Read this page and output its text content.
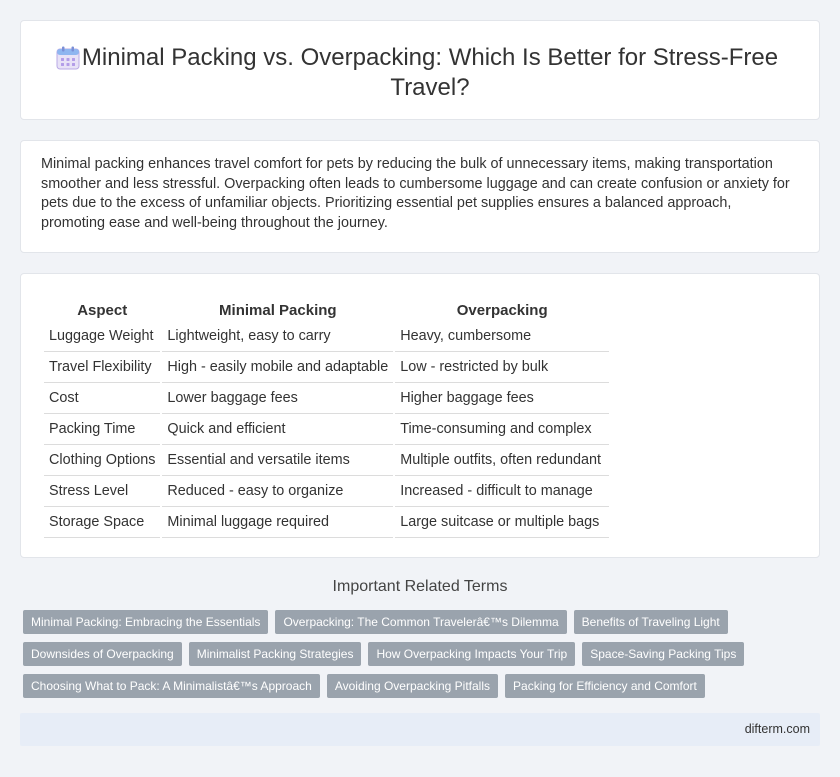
Minimal Packing vs. Overpacking: Which Is Better for Stress-Free Travel?

Minimal packing enhances travel comfort for pets by reducing the bulk of unnecessary items, making transportation smoother and less stressful. Overpacking often leads to cumbersome luggage and can create confusion or anxiety for pets due to the excess of unfamiliar objects. Prioritizing essential pet supplies ensures a balanced approach, promoting ease and well-being throughout the journey.

Aspect	Minimal Packing	Overpacking
Luggage Weight	Lightweight, easy to carry	Heavy, cumbersome
Travel Flexibility	High - easily mobile and adaptable	Low - restricted by bulk
Cost	Lower baggage fees	Higher baggage fees
Packing Time	Quick and efficient	Time-consuming and complex
Clothing Options	Essential and versatile items	Multiple outfits, often redundant
Stress Level	Reduced - easy to organize	Increased - difficult to manage
Storage Space	Minimal luggage required	Large suitcase or multiple bags
Important Related Terms
Minimal Packing: Embracing the Essentials	Overpacking: The Common Travelerâ€™s Dilemma	Benefits of Traveling Light
Downsides of Overpacking	Minimalist Packing Strategies	How Overpacking Impacts Your Trip	Space-Saving Packing Tips
Choosing What to Pack: A Minimalistâ€™s Approach	Avoiding Overpacking Pitfalls	Packing for Efficiency and Comfort
difterm.com
